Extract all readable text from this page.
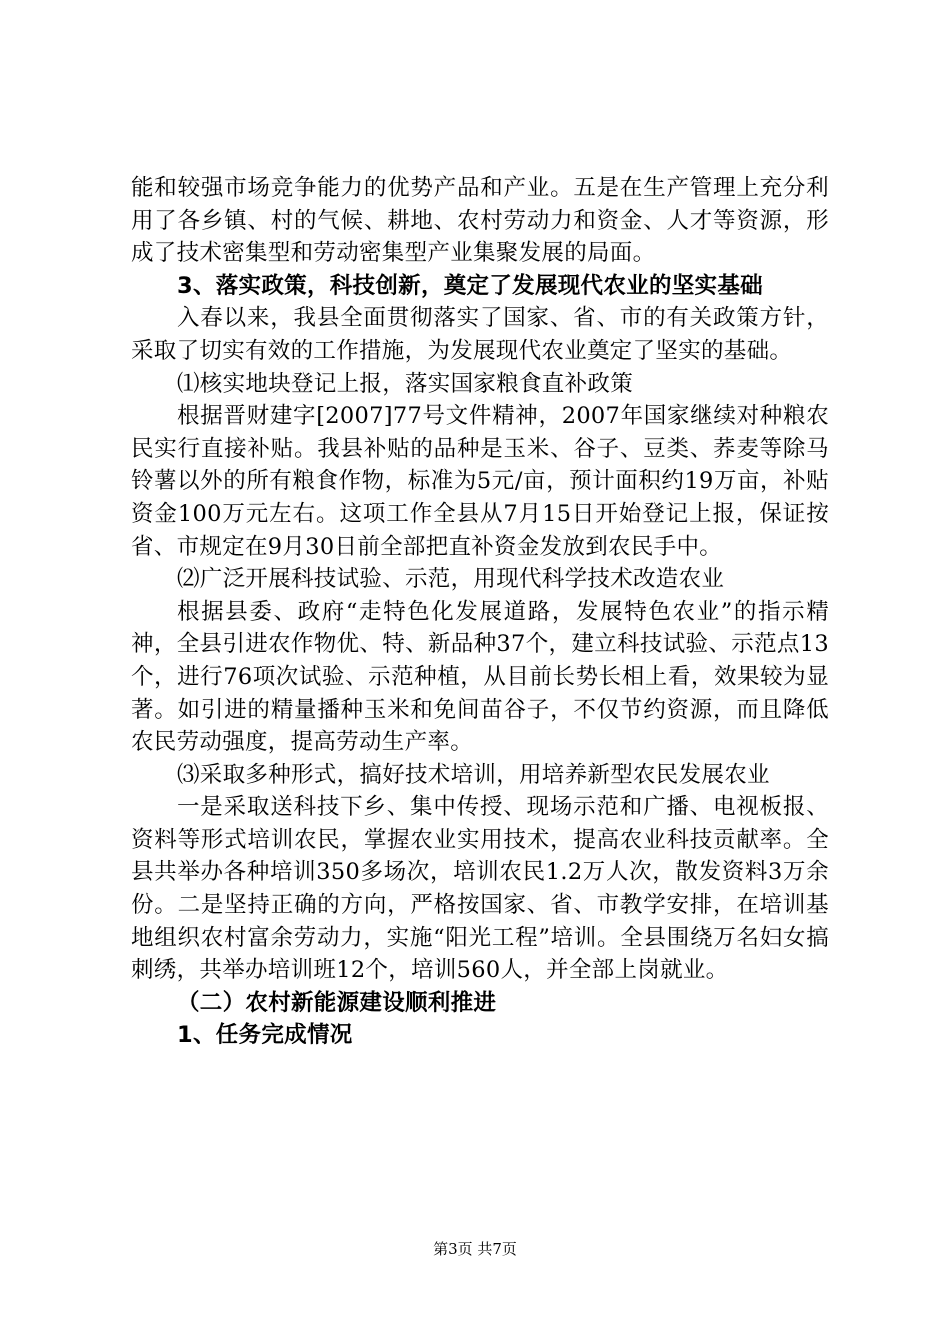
能和较强市场竞争能力的优势产品和产业。五是在生产管理上充分利用了各乡镇、村的气候、耕地、农村劳动力和资金、人才等资源，形成了技术密集型和劳动密集型产业集聚发展的局面。

3、落实政策，科技创新，奠定了发展现代农业的坚实基础

入春以来，我县全面贯彻落实了国家、省、市的有关政策方针，采取了切实有效的工作措施，为发展现代农业奠定了坚实的基础。

⑴核实地块登记上报，落实国家粮食直补政策

根据晋财建字[2007]77号文件精神，2007年国家继续对种粮农民实行直接补贴。我县补贴的品种是玉米、谷子、豆类、荞麦等除马铃薯以外的所有粮食作物，标准为5元/亩，预计面积约19万亩，补贴资金100万元左右。这项工作全县从7月15日开始登记上报，保证按省、市规定在9月30日前全部把直补资金发放到农民手中。

⑵广泛开展科技试验、示范，用现代科学技术改造农业

根据县委、政府“走特色化发展道路，发展特色农业”的指示精神，全县引进农作物优、特、新品种37个，建立科技试验、示范点13个，进行76项次试验、示范种植，从目前长势长相上看，效果较为显著。如引进的精量播种玉米和免间苗谷子，不仅节约资源，而且降低农民劳动强度，提高劳动生产率。

⑶采取多种形式，搞好技术培训，用培养新型农民发展农业

一是采取送科技下乡、集中传授、现场示范和广播、电视板报、资料等形式培训农民，掌握农业实用技术，提高农业科技贡献率。全县共举办各种培训350多场次，培训农民1.2万人次，散发资料3万余份。二是坚持正确的方向，严格按国家、省、市教学安排，在培训基地组织农村富余劳动力，实施“阳光工程”培训。全县围绕万名妇女搞刺绣，共举办培训班12个，培训560人，并全部上岗就业。

（二）农村新能源建设顺利推进

1、任务完成情况

第3页 共7页
